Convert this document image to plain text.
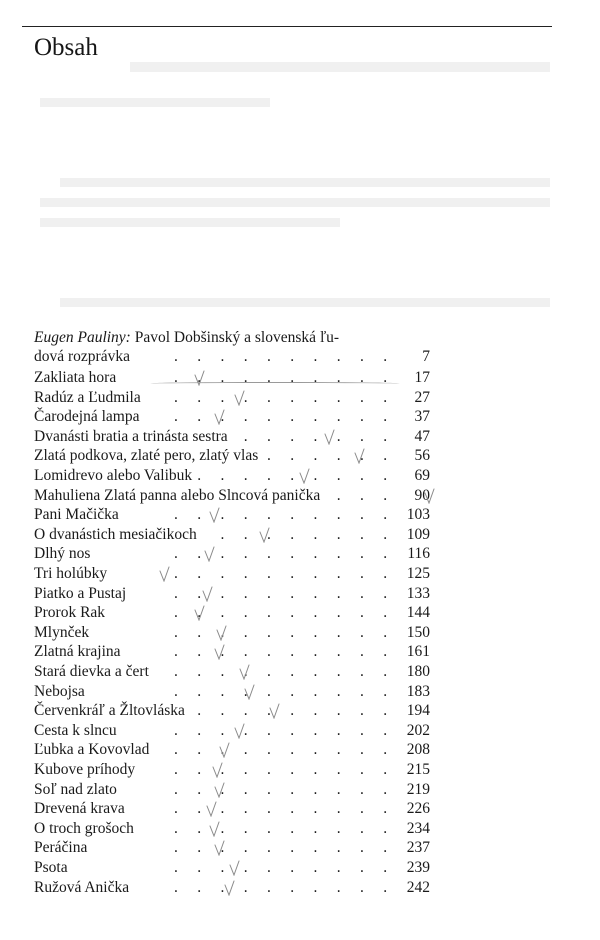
Obsah
Eugen Pauliny: Pavol Dobšinský a slovenská ľu-
.
dová rozprávka	7
.
Zakliata hora	17
.
Radúz a Ľudmila	27
.
Čarodejná lampa	37
.
Dvanásti bratia a trinásta sestra	47
.
Zlatá podkova, zlaté pero, zlatý vlas	56
.
Lomidrevo alebo Valibuk	69
.
Mahuliena Zlatá panna alebo Slncová panička	90
.
Pani Mačička	103
.
O dvanástich mesiačikoch	109
.
Dlhý nos	116
.
Tri holúbky	125
.
Piatko a Pustaj	133
.
Prorok Rak	144
.
Mlynček	150
.
Zlatná krajina	161
.
Stará dievka a čert	180
.
Nebojsa	183
.
Červenkráľ a Žltovláska	194
.
Cesta k slncu	202
.
Ľubka a Kovovlad	208
.
Kubove príhody	215
.
Soľ nad zlato	219
.
Drevená krava	226
.
O troch grošoch	234
.
Peráčina	237
.
Psota	239
.
Ružová Anička	242
